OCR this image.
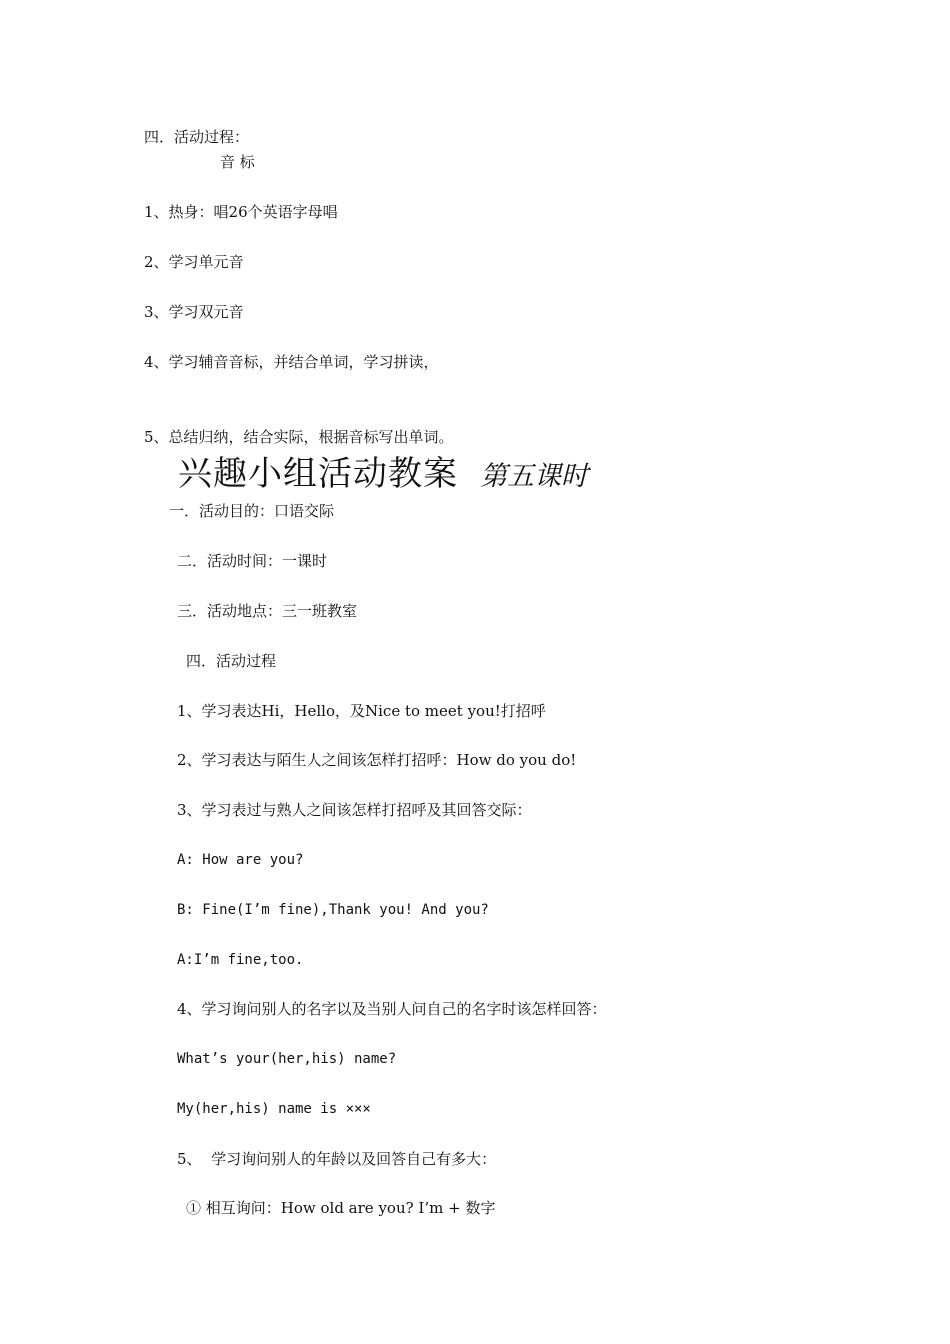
四．活动过程：
音 标
1、热身：唱26个英语字母唱
2、学习单元音
3、学习双元音
4、学习辅音音标，并结合单词，学习拼读，
5、总结归纳，结合实际，根据音标写出单词。
兴趣小组活动教案 第五课时
一．活动目的：口语交际
二．活动时间：一课时
三．活动地点：三一班教室
四．活动过程
1、学习表达Hi，Hello，及Nice to meet you!打招呼
2、学习表达与陌生人之间该怎样打招呼：How do you do!
3、学习表过与熟人之间该怎样打招呼及其回答交际：
A: How are you?
B: Fine(I’m fine),Thank you! And you?
A:I’m fine,too.
4、学习询问别人的名字以及当别人问自己的名字时该怎样回答：
What’s your(her,his) name?
My(her,his) name is ×××
5、  学习询问别人的年龄以及回答自己有多大：
① 相互询问：How old are you? I’m + 数字
